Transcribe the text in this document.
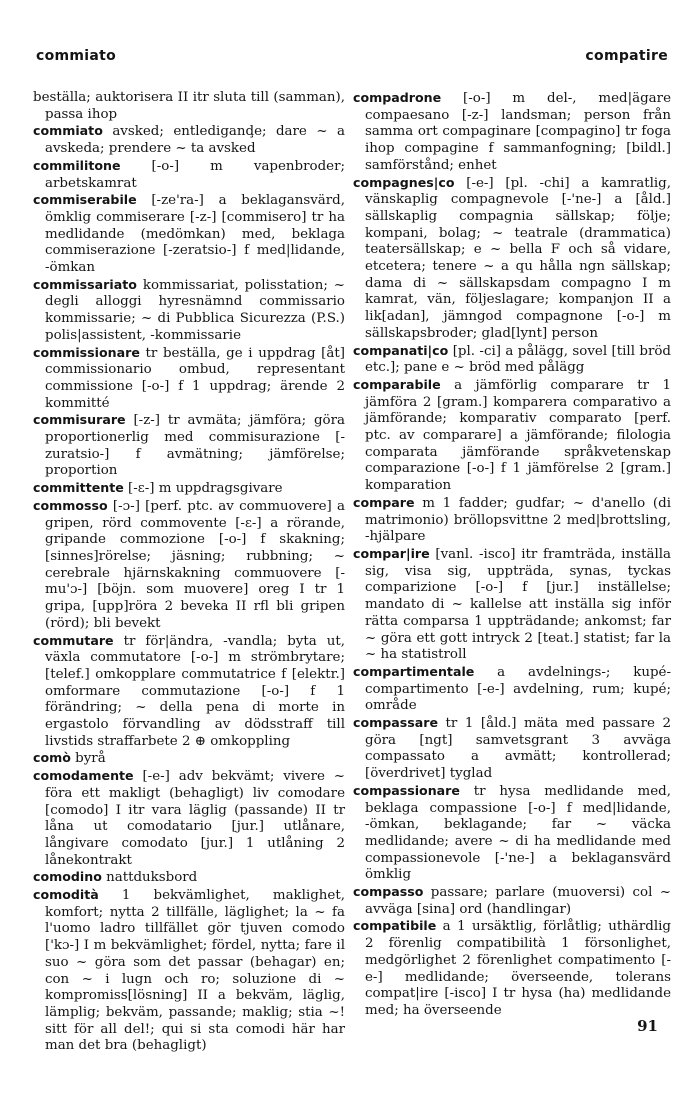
commiato	compatire

beställa; auktorisera II itr sluta till (samman), passa ihop

commiato avsked; entlediganḑe; dare ~ a avskeda; prendere ~ ta avsked

commilitone [-o-] m vapenbroder; arbetskamrat

commiserabile [-ze'ra-] a beklagansvärd, ömklig commiserare [-z-] [commisero] tr ha medlidande (medömkan) med, beklaga commiserazione [-zeratsio-] f med|lidande, -ömkan

commissariato kommissariat, polisstation; ~ degli alloggi hyresnämnd commissario kommissarie; ~ di Pubblica Sicurezza (P.S.) polis|assistent, -kommissarie

commissionare tr beställa, ge i uppdrag [åt] commissionario ombud, representant commissione [-o-] f 1 uppdrag; ärende 2 kommitté

commisurare [-z-] tr avmäta; jämföra; göra proportionerlig med commisurazione [-zuratsio-] f avmätning; jämförelse; proportion

committente [-ɛ-] m uppdragsgivare

commosso [-ɔ-] [perf. ptc. av commuovere] a gripen, rörd commovente [-ɛ-] a rörande, gripande commozione [-o-] f skakning; [sinnes]rörelse; jäsning; rubbning; ~ cerebrale hjärnskakning commuovere [-mu'ɔ-] [böjn. som muovere] oreg I tr 1 gripa, [upp]röra 2 beveka II rfl bli gripen (rörd); bli bevekt

commutare tr för|ändra, -vandla; byta ut, växla commutatore [-o-] m strömbrytare; [telef.] omkopplare commutatrice f [elektr.] omformare commutazione [-o-] f 1 förändring; ~ della pena di morte in ergastolo förvandling av dödsstraff till livstids straffarbete 2 ⊕ omkoppling

comò byrå

comodamente [-e-] adv bekvämt; vivere ~ föra ett makligt (behagligt) liv comodare [comodo] I itr vara läglig (passande) II tr låna ut comodatario [jur.] utlånare, långivare comodato [jur.] 1 utlåning 2 lånekontrakt

comodino nattduksbord

comodità 1 bekvämlighet, maklighet, komfort; nytta 2 tillfälle, läglighet; la ~ fa l'uomo ladro tillfället gör tjuven comodo ['kɔ-] I m bekvämlighet; fördel, nytta; fare il suo ~ göra som det passar (behagar) en; con ~ i lugn och ro; soluzione di ~ kompromiss[lösning] II a bekväm, läglig, lämplig; bekväm, passande; maklig; stia ~! sitt för all del!; qui si sta comodi här har man det bra (behagligt)

compadrone [-o-] m del-, med|ägare compaesano [-z-] landsman; person från samma ort compaginare [compagino] tr foga ihop compagine f sammanfogning; [bildl.] samförstånd; enhet

compagnes|co [-e-] [pl. -chi] a kamratlig, vänskaplig compagnevole [-'ne-] a [åld.] sällskaplig compagnia sällskap; följe; kompani, bolag; ~ teatrale (drammatica) teatersällskap; e ~ bella F och så vidare, etcetera; tenere ~ a qu hålla ngn sällskap; dama di ~ sällskapsdam compagno I m kamrat, vän, följeslagare; kompanjon II a lik[adan], jämngod compagnone [-o-] m sällskapsbroder; glad[lynt] person

companati|co [pl. -ci] a pålägg, sovel [till bröd etc.]; pane e ~ bröd med pålägg

comparabile a jämförlig comparare tr 1 jämföra 2 [gram.] komparera comparativo a jämförande; komparativ comparato [perf. ptc. av comparare] a jämförande; filologia comparata jämförande språkvetenskap comparazione [-o-] f 1 jämförelse 2 [gram.] komparation

compare m 1 fadder; gudfar; ~ d'anello (di matrimonio) bröllopsvittne 2 med|brottsling, -hjälpare

compar|ire [vanl. -isco] itr framträda, inställa sig, visa sig, uppträda, synas, tyckas comparizione [-o-] f [jur.] inställelse; mandato di ~ kallelse att inställa sig inför rätta comparsa 1 uppträdande; ankomst; far ~ göra ett gott intryck 2 [teat.] statist; far la ~ ha statistroll

compartimentale a avdelnings-; kupé- compartimento [-e-] avdelning, rum; kupé; område

compassare tr 1 [åld.] mäta med passare 2 göra [ngt] samvetsgrant 3 avväga compassato a avmätt; kontrollerad; [överdrivet] tyglad

compassionare tr hysa medlidande med, beklaga compassione [-o-] f med|lidande, -ömkan, beklagande; far ~ väcka medlidande; avere ~ di ha medlidande med compassionevole [-'ne-] a beklagansvärd ömklig

compasso passare; parlare (muoversi) col ~ avväga [sina] ord (handlingar)

compatibile a 1 ursäktlig, förlåtlig; uthärdlig 2 förenlig compatibilità 1 försonlighet, medgörlighet 2 förenlighet compatimento [-e-] medlidande; överseende, tolerans compat|ire [-isco] I tr hysa (ha) medlidande med; ha överseende

91
